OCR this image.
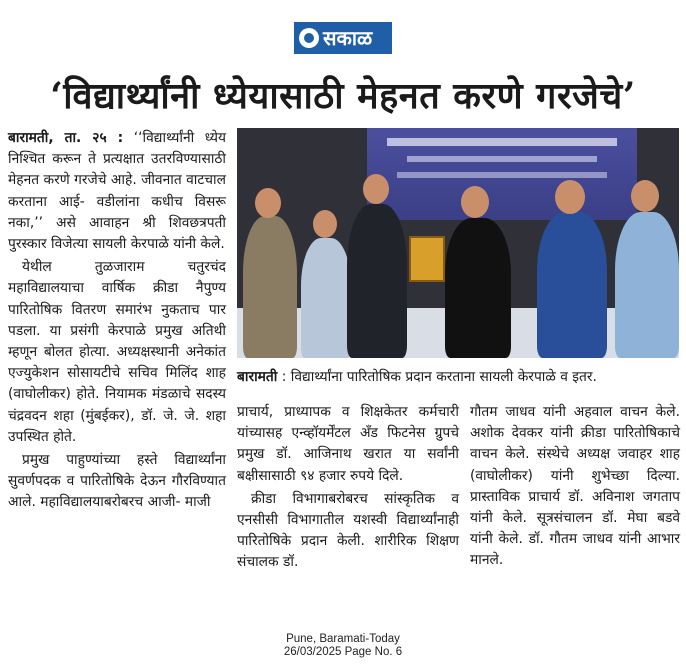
सकाळ
‘विद्यार्थ्यांनी ध्येयासाठी मेहनत करणे गरजेचे’

बारामती, ता. २५ : ‘‘विद्यार्थ्यांनी ध्येय निश्चित करून ते प्रत्यक्षात उतरविण्यासाठी मेहनत करणे गरजेचे आहे. जीवनात वाटचाल करताना आई- वडीलांना कधीच विसरू नका,’’ असे आवाहन श्री शिवछत्रपती पुरस्कार विजेत्या सायली केरपाळे यांनी केले.

येथील तुळजाराम चतुरचंद महाविद्यालयाचा वार्षिक क्रीडा नैपुण्य पारितोषिक वितरण समारंभ नुकताच पार पडला. या प्रसंगी केरपाळे प्रमुख अतिथी म्हणून बोलत होत्या. अध्यक्षस्थानी अनेकांत एज्युकेशन सोसायटीचे सचिव मिलिंद शाह (वाघोलीकर) होते. नियामक मंडळाचे सदस्य चंद्रवदन शहा (मुंबईकर), डॉ. जे. जे. शहा उपस्थित होते.

प्रमुख पाहुण्यांच्या हस्ते विद्यार्थ्यांना सुवर्णपदक व पारितोषिके देऊन गौरविण्यात आले. महाविद्यालयाबरोबरच आजी- माजी

बारामती : विद्यार्थ्यांना पारितोषिक प्रदान करताना सायली केरपाळे व इतर.

प्राचार्य, प्राध्यापक व शिक्षकेतर कर्मचारी यांच्यासह एन्व्हॉयर्मेंटल अँड फिटनेस ग्रुपचे प्रमुख डॉ. आजिनाथ खरात या सर्वांनी बक्षीसासाठी ९४ हजार रुपये दिले.

क्रीडा विभागाबरोबरच सांस्कृतिक व एनसीसी विभागातील यशस्वी विद्यार्थ्यांनाही पारितोषिके प्रदान केली. शारीरिक शिक्षण संचालक डॉ.

गौतम जाधव यांनी अहवाल वाचन केले. अशोक देवकर यांनी क्रीडा पारितोषिकाचे वाचन केले. संस्थेचे अध्यक्ष जवाहर शाह (वाघोलीकर) यांनी शुभेच्छा दिल्या. प्रास्ताविक प्राचार्य डॉ. अविनाश जगताप यांनी केले. सूत्रसंचालन डॉ. मेघा बडवे यांनी केले. डॉ. गौतम जाधव यांनी आभार मानले.

Pune, Baramati-Today
26/03/2025 Page No. 6
